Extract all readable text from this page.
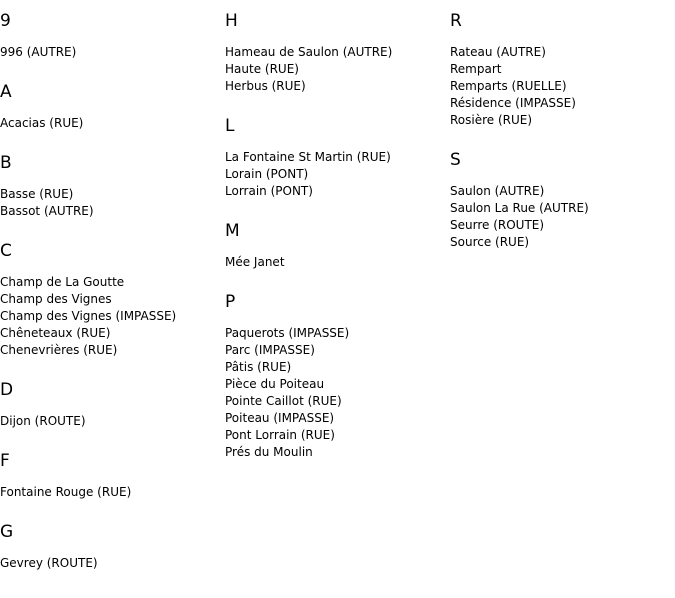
9
996 (AUTRE)
A
Acacias (RUE)
B
Basse (RUE)
Bassot (AUTRE)
C
Champ de La Goutte
Champ des Vignes
Champ des Vignes (IMPASSE)
Chêneteaux (RUE)
Chenevrières (RUE)
D
Dijon (ROUTE)
F
Fontaine Rouge (RUE)
G
Gevrey (ROUTE)
H
Hameau de Saulon (AUTRE)
Haute (RUE)
Herbus (RUE)
L
La Fontaine St Martin (RUE)
Lorain (PONT)
Lorrain (PONT)
M
Mée Janet
P
Paquerots (IMPASSE)
Parc (IMPASSE)
Pâtis (RUE)
Pièce du Poiteau
Pointe Caillot (RUE)
Poiteau (IMPASSE)
Pont Lorrain (RUE)
Prés du Moulin
R
Rateau (AUTRE)
Rempart
Remparts (RUELLE)
Résidence (IMPASSE)
Rosière (RUE)
S
Saulon (AUTRE)
Saulon La Rue (AUTRE)
Seurre (ROUTE)
Source (RUE)
